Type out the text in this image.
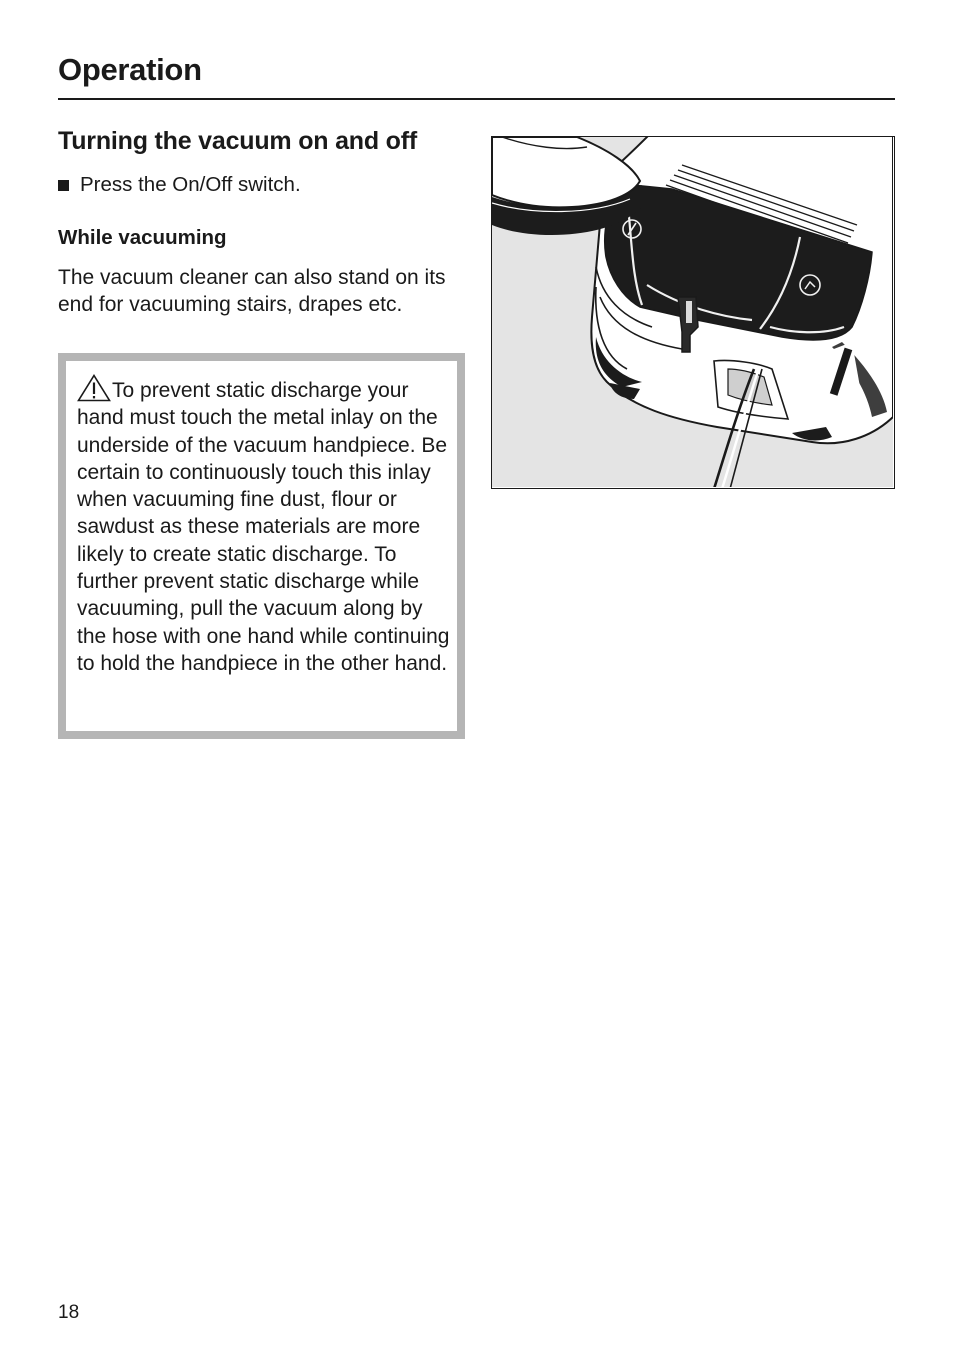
Operation
Turning the vacuum on and off
Press the On/Off switch.
While vacuuming

The vacuum cleaner can also stand on its end for vacuuming stairs, drapes etc.

To prevent static discharge your hand must touch the metal inlay on the underside of the vacuum handpiece. Be certain to continuously touch this inlay when vacuuming fine dust, flour or sawdust as these materials are more likely to create static discharge. To further prevent static discharge while vacuuming, pull the vacuum along by the hose with one hand while continuing to hold the handpiece in the other hand.

18
